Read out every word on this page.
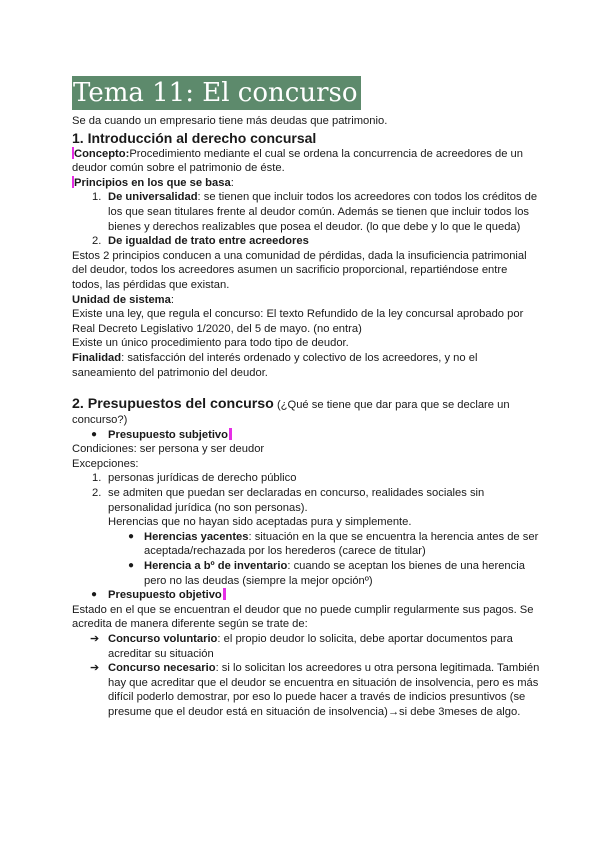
Tema 11: El concurso

Se da cuando un empresario tiene más deudas que patrimonio.

1. Introducción al derecho concursal

Concepto:Procedimiento mediante el cual se ordena la concurrencia de acreedores de un deudor común sobre el patrimonio de éste.

Principios en los que se basa:

1. De universalidad: se tienen que incluir todos los acreedores con todos los créditos de los que sean titulares frente al deudor común. Además se tienen que incluir todos los bienes y derechos realizables que posea el deudor. (lo que debe y lo que le queda)
2. De igualdad de trato entre acreedores

Estos 2 principios conducen a una comunidad de pérdidas, dada la insuficiencia patrimonial del deudor, todos los acreedores asumen un sacrificio proporcional, repartiéndose entre todos, las pérdidas que existan.

Unidad de sistema:

Existe una ley, que regula el concurso: El texto Refundido de la ley concursal aprobado por Real Decreto Legislativo 1/2020, del 5 de mayo. (no entra)

Existe un único procedimiento para todo tipo de deudor.

Finalidad: satisfacción del interés ordenado y colectivo de los acreedores, y no el saneamiento del patrimonio del deudor.

2. Presupuestos del concurso (¿Qué se tiene que dar para que se declare un concurso?)

● Presupuesto subjetivo

Condiciones: ser persona y ser deudor

Excepciones:

1. personas jurídicas de derecho público
2. se admiten que puedan ser declaradas en concurso, realidades sociales sin personalidad jurídica (no son personas).

Herencias que no hayan sido aceptadas pura y simplemente.

● Herencias yacentes: situación en la que se encuentra la herencia antes de ser aceptada/rechazada por los herederos (carece de titular)
● Herencia a bº de inventario: cuando se aceptan los bienes de una herencia pero no las deudas (siempre la mejor opciónº)
● Presupuesto objetivo

Estado en el que se encuentran el deudor que no puede cumplir regularmente sus pagos. Se acredita de manera diferente según se trate de:

➔ Concurso voluntario: el propio deudor lo solicita, debe aportar documentos para acreditar su situación
➔ Concurso necesario: si lo solicitan los acreedores u otra persona legitimada. También hay que acreditar que el deudor se encuentra en situación de insolvencia, pero es más difícil poderlo demostrar, por eso lo puede hacer a través de indicios presuntivos (se presume que el deudor está en situación de insolvencia)→si debe 3meses de algo.
